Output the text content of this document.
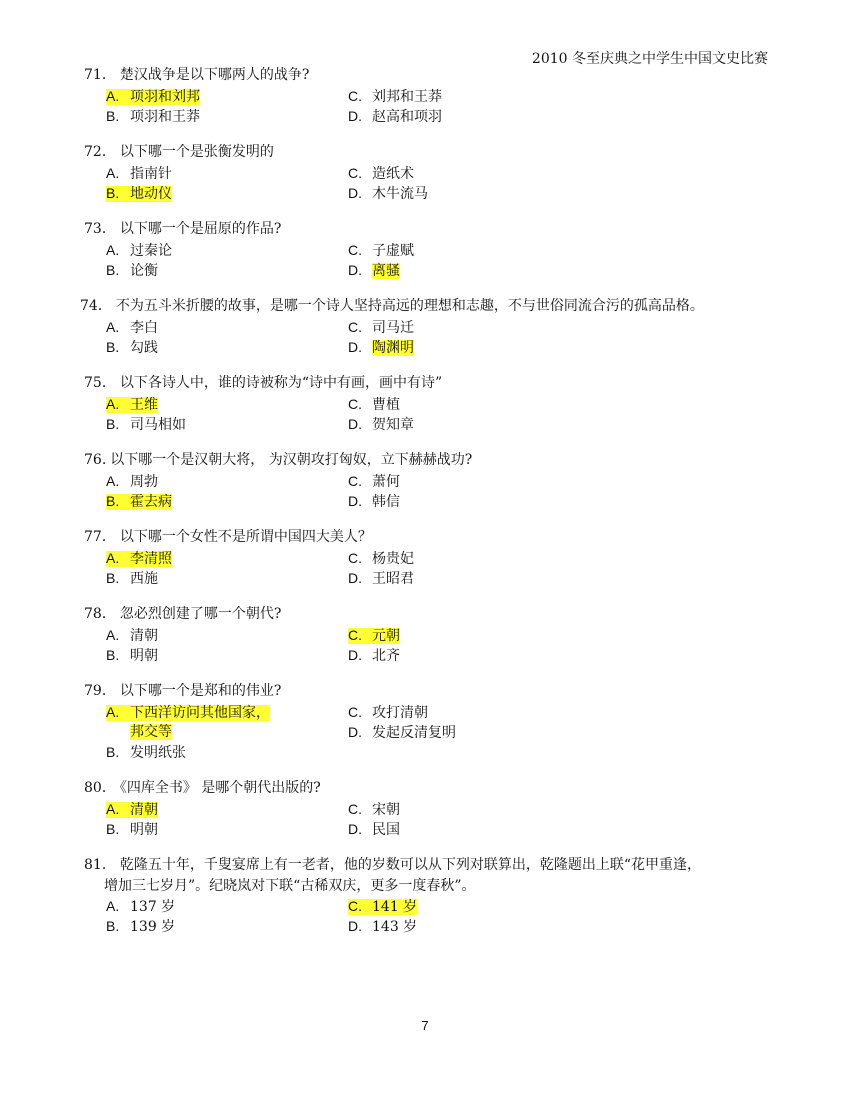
2010 冬至庆典之中学生中国文史比赛
71． 楚汉战争是以下哪两人的战争?
A. 项羽和刘邦	C. 刘邦和王莽
B. 项羽和王莽	D. 赵高和项羽
72． 以下哪一个是张衡发明的
A. 指南针	C. 造纸术
B. 地动仪	D. 木牛流马
73． 以下哪一个是屈原的作品?
A. 过秦论	C. 子虚赋
B. 论衡	D. 离骚
74． 不为五斗米折腰的故事，是哪一个诗人坚持高远的理想和志趣，不与世俗同流合污的孤高品格。
A. 李白	C. 司马迁
B. 勾践	D. 陶渊明
75． 以下各诗人中，谁的诗被称为“诗中有画，画中有诗”
A. 王维	C. 曹植
B. 司马相如	D. 贺知章
76. 以下哪一个是汉朝大将， 为汉朝攻打匈奴，立下赫赫战功?
A. 周勃	C. 萧何
B. 霍去病	D. 韩信
77． 以下哪一个女性不是所谓中国四大美人？
A. 李清照	C. 杨贵妃
B. 西施	D. 王昭君
78． 忽必烈创建了哪一个朝代?
A. 清朝	C. 元朝
B. 明朝	D. 北齐
79． 以下哪一个是郑和的伟业?
A. 下西洋访问其他国家，	C. 攻打清朝
邦交等	D. 发起反清复明
B. 发明纸张
80． 《四库全书》 是哪个朝代出版的?
A. 清朝	C. 宋朝
B. 明朝	D. 民国
81． 乾隆五十年，千叟宴席上有一老者，他的岁数可以从下列对联算出，乾隆题出上联“花甲重逢，
增加三七岁月”。纪晓岚对下联“古稀双庆，更多一度春秋”。
A. 137 岁	C. 141 岁
B. 139 岁	D. 143 岁
7
